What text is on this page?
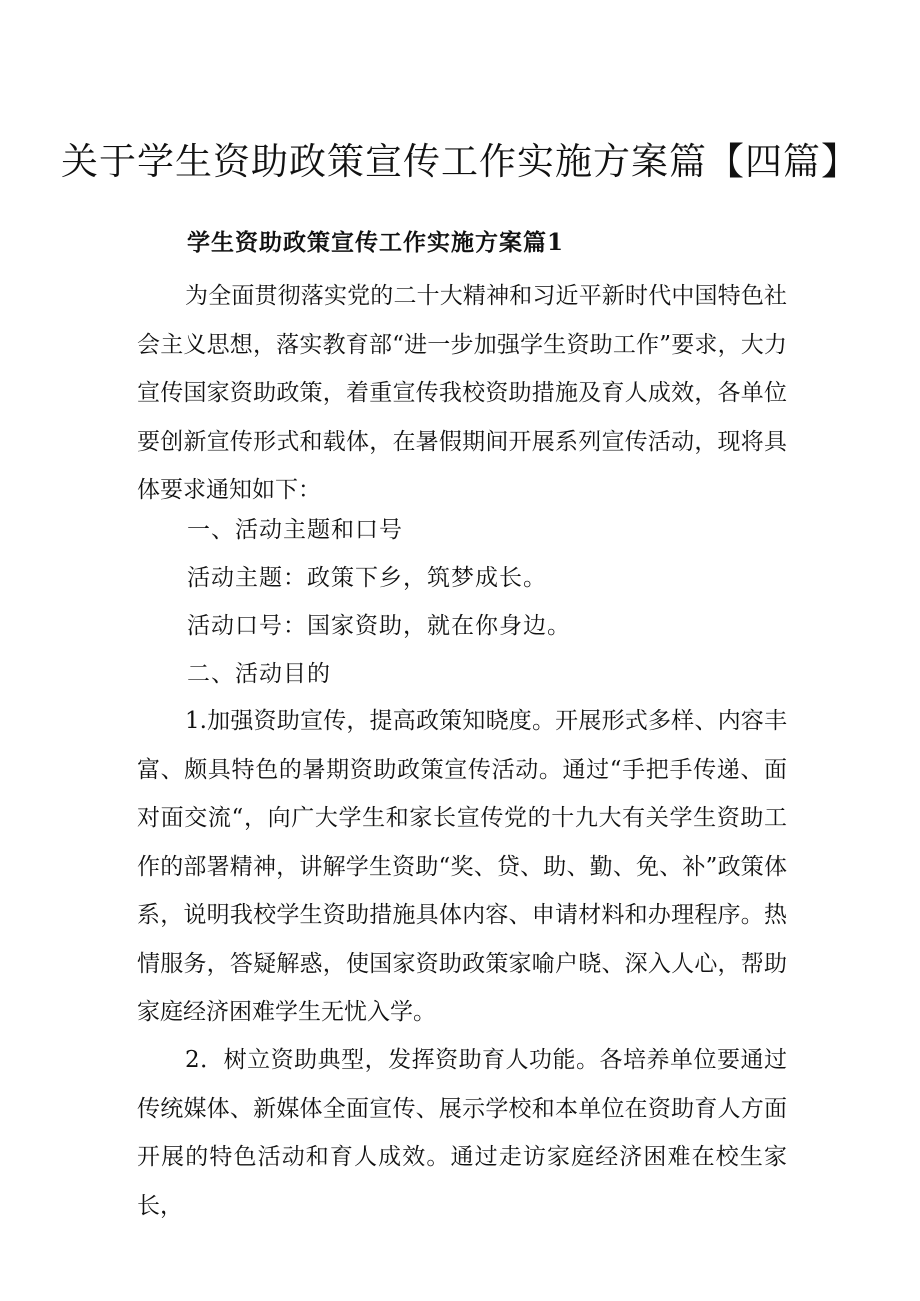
关于学生资助政策宣传工作实施方案篇【四篇】
学生资助政策宣传工作实施方案篇1

为全面贯彻落实党的二十大精神和习近平新时代中国特色社会主义思想，落实教育部“进一步加强学生资助工作”要求，大力宣传国家资助政策，着重宣传我校资助措施及育人成效，各单位要创新宣传形式和载体，在暑假期间开展系列宣传活动，现将具体要求通知如下：

一、活动主题和口号

活动主题：政策下乡，筑梦成长。

活动口号：国家资助，就在你身边。

二、活动目的

1.加强资助宣传，提高政策知晓度。开展形式多样、内容丰富、颇具特色的暑期资助政策宣传活动。通过“手把手传递、面对面交流“，向广大学生和家长宣传党的十九大有关学生资助工作的部署精神，讲解学生资助“奖、贷、助、勤、免、补”政策体系，说明我校学生资助措施具体内容、申请材料和办理程序。热情服务，答疑解惑，使国家资助政策家喻户晓、深入人心，帮助家庭经济困难学生无忧入学。

2．树立资助典型，发挥资助育人功能。各培养单位要通过传统媒体、新媒体全面宣传、展示学校和本单位在资助育人方面开展的特色活动和育人成效。通过走访家庭经济困难在校生家长，
